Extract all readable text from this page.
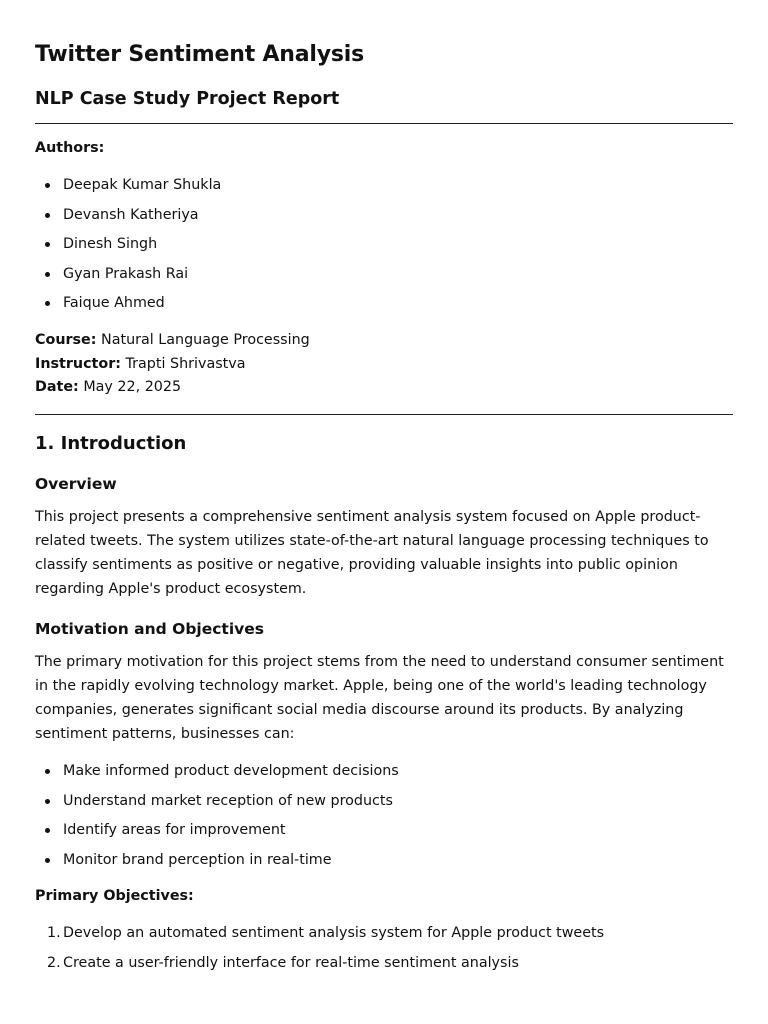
Twitter Sentiment Analysis
NLP Case Study Project Report
Authors:
Deepak Kumar Shukla
Devansh Katheriya
Dinesh Singh
Gyan Prakash Rai
Faique Ahmed
Course: Natural Language Processing
Instructor: Trapti Shrivastva
Date: May 22, 2025
1. Introduction
Overview

This project presents a comprehensive sentiment analysis system focused on Apple product-related tweets. The system utilizes state-of-the-art natural language processing techniques to classify sentiments as positive or negative, providing valuable insights into public opinion regarding Apple's product ecosystem.

Motivation and Objectives

The primary motivation for this project stems from the need to understand consumer sentiment in the rapidly evolving technology market. Apple, being one of the world's leading technology companies, generates significant social media discourse around its products. By analyzing sentiment patterns, businesses can:

Make informed product development decisions
Understand market reception of new products
Identify areas for improvement
Monitor brand perception in real-time
Primary Objectives:
1. Develop an automated sentiment analysis system for Apple product tweets
2. Create a user-friendly interface for real-time sentiment analysis
